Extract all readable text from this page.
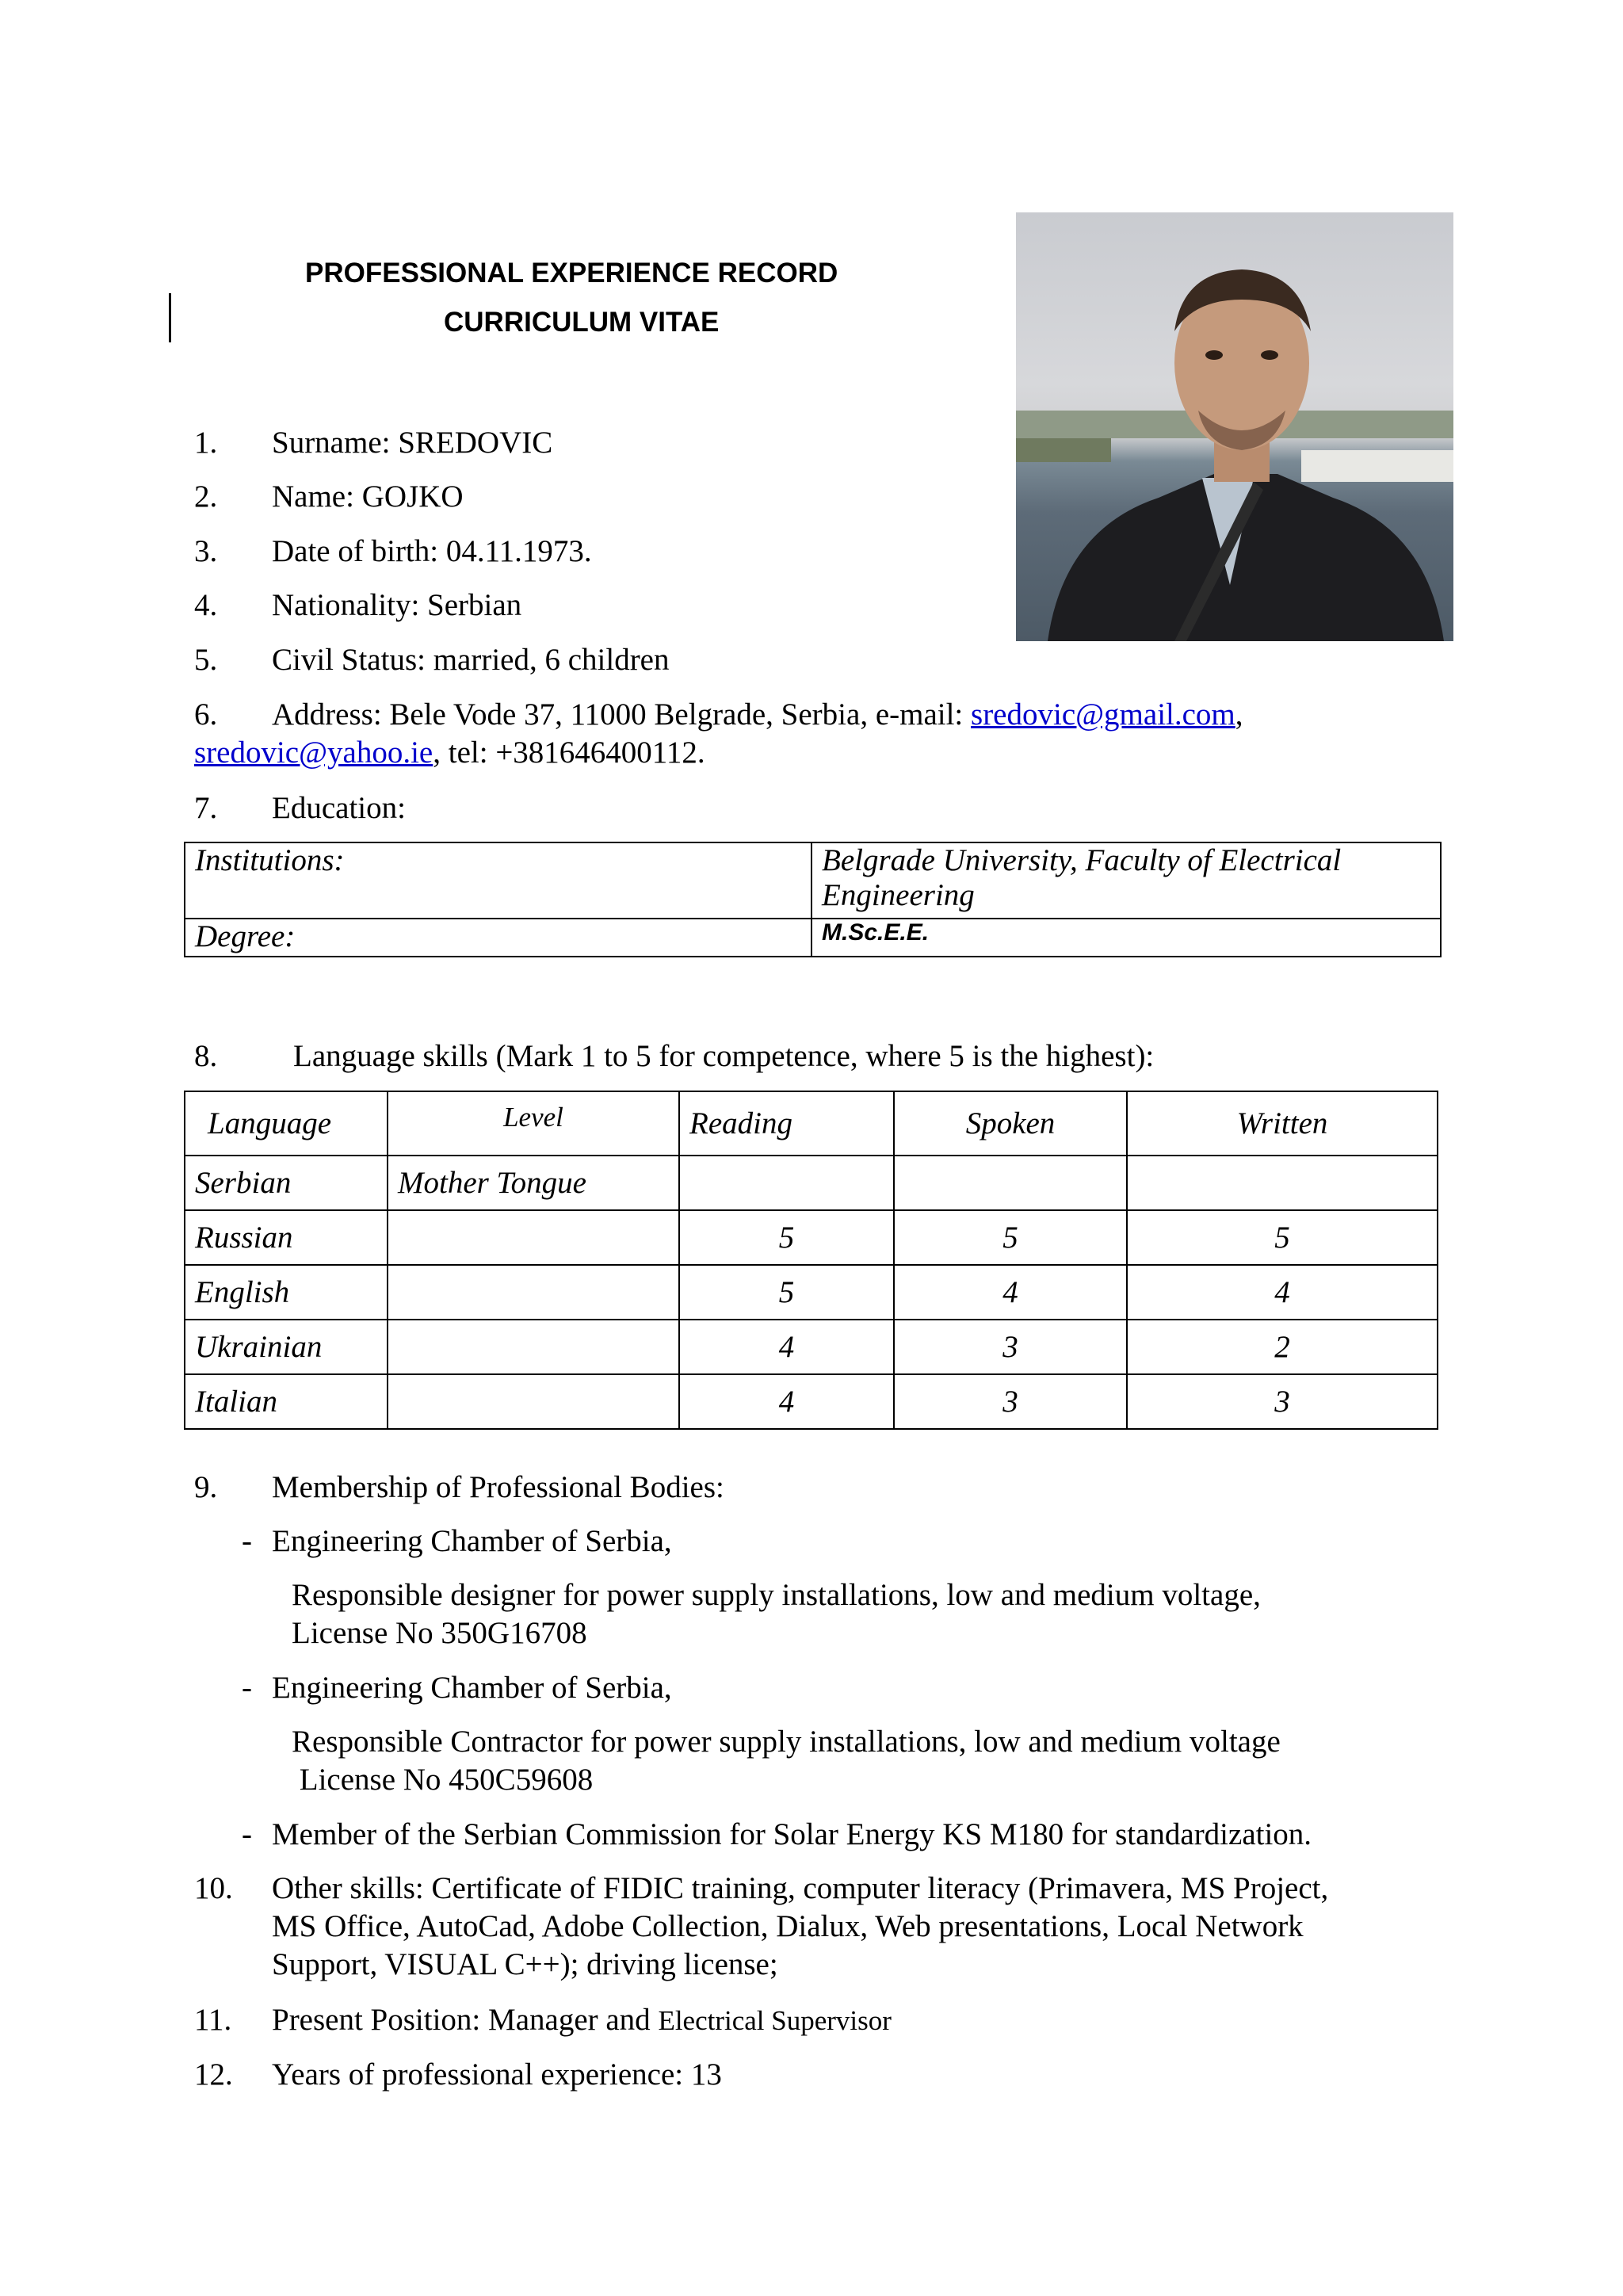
PROFESSIONAL EXPERIENCE RECORD
CURRICULUM VITAE
1. Surname: SREDOVIC
2. Name: GOJKO
3. Date of birth: 04.11.1973.
4. Nationality: Serbian
5. Civil Status: married, 6 children
6. Address: Bele Vode 37, 11000 Belgrade, Serbia, e-mail: sredovic@gmail.com,
sredovic@yahoo.ie, tel: +381646400112.
7. Education:
Institutions:	Belgrade University, Faculty of Electrical Engineering
Degree:	M.Sc.E.E.
8. Language skills (Mark 1 to 5 for competence, where 5 is the highest):
Language	Level	Reading	Spoken	Written
Serbian	Mother Tongue			
Russian		5	5	5
English		5	4	4
Ukrainian		4	3	2
Italian		4	3	3
9. Membership of Professional Bodies:
- Engineering Chamber of Serbia,
Responsible designer for power supply installations, low and medium voltage,
License No 350G16708
- Engineering Chamber of Serbia,
Responsible Contractor for power supply installations, low and medium voltage
License No 450C59608
- Member of the Serbian Commission for Solar Energy KS M180 for standardization.
10. Other skills: Certificate of FIDIC training, computer literacy (Primavera, MS Project,
MS Office, AutoCad, Adobe Collection, Dialux, Web presentations, Local Network
Support, VISUAL C++); driving license;
11. Present Position: Manager and Electrical Supervisor
12. Years of professional experience: 13
